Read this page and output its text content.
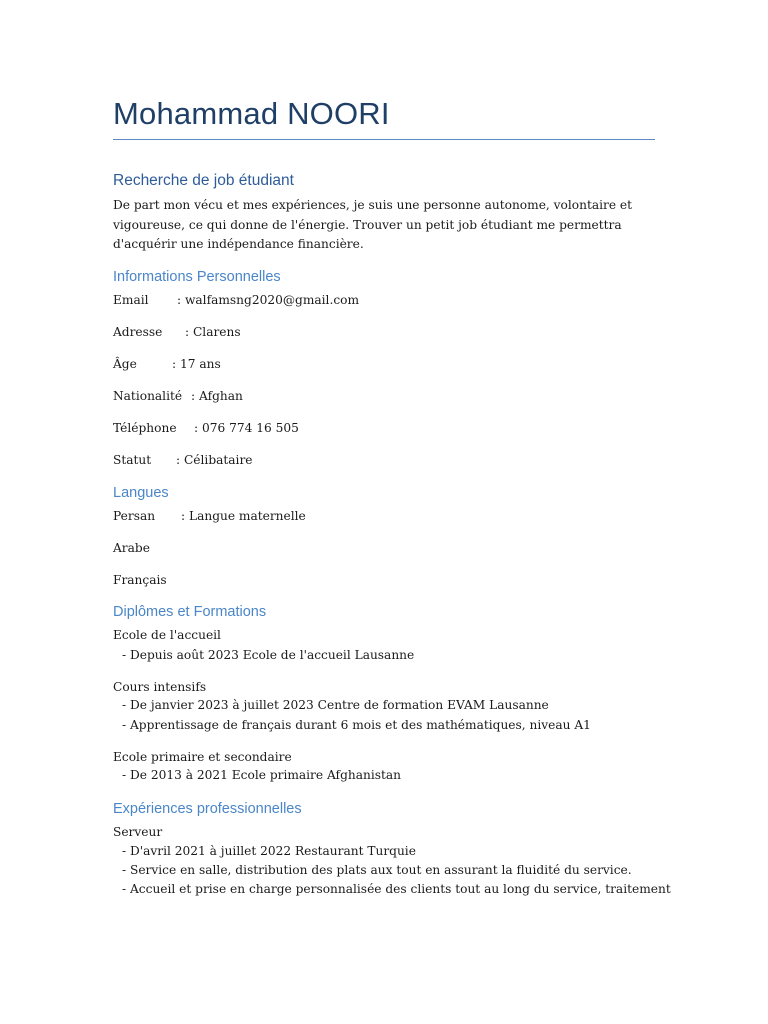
Mohammad NOORI
Recherche de job étudiant
De part mon vécu et mes expériences, je suis une personne autonome, volontaire et vigoureuse, ce qui donne de l'énergie. Trouver un petit job étudiant me permettra d'acquérir une indépendance financière.
Informations Personnelles
Email : walfamsng2020@gmail.com
Adresse : Clarens
Âge	: 17 ans
Nationalité : Afghan
Téléphone : 076 774 16 505
Statut : Célibataire
Langues
Persan : Langue maternelle
Arabe
Français
Diplômes et Formations
Ecole de l'accueil
- Depuis août 2023 Ecole de l'accueil Lausanne
Cours intensifs
- De janvier 2023 à juillet 2023 Centre de formation EVAM Lausanne
- Apprentissage de français durant 6 mois et des mathématiques, niveau A1
Ecole primaire et secondaire
- De 2013 à 2021 Ecole primaire Afghanistan
Expériences professionnelles
Serveur
- D'avril 2021 à juillet 2022 Restaurant Turquie
- Service en salle, distribution des plats aux tout en assurant la fluidité du service.
- Accueil et prise en charge personnalisée des clients tout au long du service, traitement
